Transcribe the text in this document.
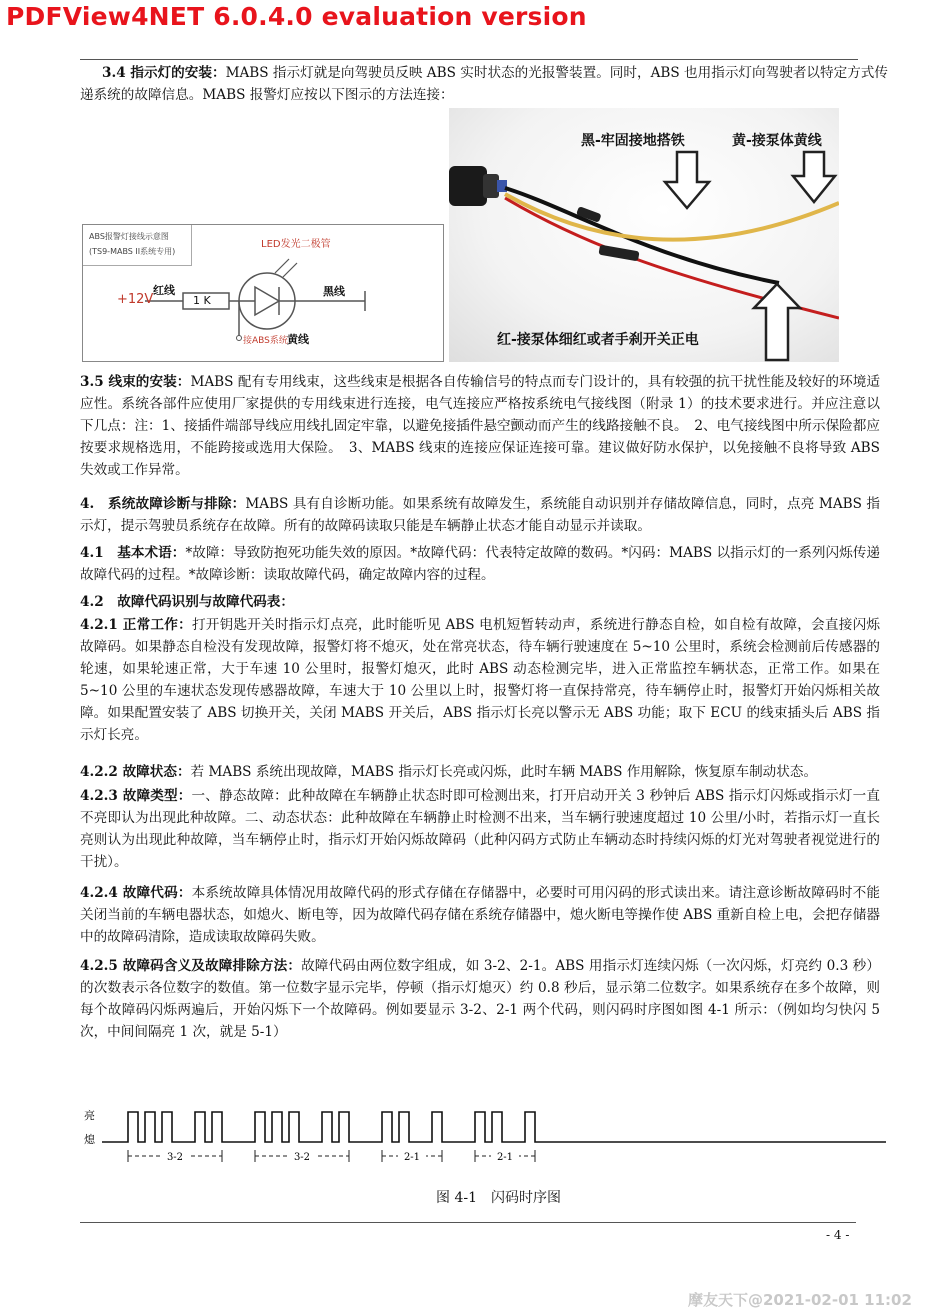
PDFView4NET 6.0.4.0 evaluation version

3.4 指示灯的安装：MABS 指示灯就是向驾驶员反映 ABS 实时状态的光报警装置。同时，ABS 也用指示灯向驾驶者以特定方式传递系统的故障信息。MABS 报警灯应按以下图示的方法连接：

黑-牢固接地搭铁	黄-接泵体黄线
红-接泵体细红或者手刹开关正电
ABS报警灯接线示意图
(TS9-MABS II系统专用)
LED发光二极管
+12V
红线
1 K
黑线
接ABS系统 黄线

3.5 线束的安装：MABS 配有专用线束，这些线束是根据各自传输信号的特点而专门设计的，具有较强的抗干扰性能及较好的环境适应性。系统各部件应使用厂家提供的专用线束进行连接，电气连接应严格按系统电气接线图（附录 1）的技术要求进行。并应注意以下几点：注：1、接插件端部导线应用线扎固定牢靠，以避免接插件悬空颤动而产生的线路接触不良。　2、电气接线图中所示保险都应按要求规格选用，不能跨接或选用大保险。　3、MABS 线束的连接应保证连接可靠。建议做好防水保护，以免接触不良将导致 ABS 失效或工作异常。

4.　系统故障诊断与排除：MABS 具有自诊断功能。如果系统有故障发生，系统能自动识别并存储故障信息，同时，点亮 MABS 指示灯，提示驾驶员系统存在故障。所有的故障码读取只能是车辆静止状态才能自动显示并读取。

4.1　基本术语：*故障：导致防抱死功能失效的原因。*故障代码：代表特定故障的数码。*闪码：MABS 以指示灯的一系列闪烁传递故障代码的过程。*故障诊断：读取故障代码，确定故障内容的过程。

4.2　故障代码识别与故障代码表：

4.2.1 正常工作：打开钥匙开关时指示灯点亮，此时能听见 ABS 电机短暂转动声，系统进行静态自检，如自检有故障，会直接闪烁故障码。如果静态自检没有发现故障，报警灯将不熄灭，处在常亮状态，待车辆行驶速度在 5~10 公里时，系统会检测前后传感器的轮速，如果轮速正常，大于车速 10 公里时，报警灯熄灭，此时 ABS 动态检测完毕，进入正常监控车辆状态，正常工作。如果在 5~10 公里的车速状态发现传感器故障，车速大于 10 公里以上时，报警灯将一直保持常亮，待车辆停止时，报警灯开始闪烁相关故障。如果配置安装了 ABS 切换开关，关闭 MABS 开关后，ABS 指示灯长亮以警示无 ABS 功能；取下 ECU 的线束插头后 ABS 指示灯长亮。

4.2.2 故障状态：若 MABS 系统出现故障，MABS 指示灯长亮或闪烁，此时车辆 MABS 作用解除，恢复原车制动状态。

4.2.3 故障类型：一、静态故障：此种故障在车辆静止状态时即可检测出来，打开启动开关 3 秒钟后 ABS 指示灯闪烁或指示灯一直不亮即认为出现此种故障。二、动态状态：此种故障在车辆静止时检测不出来，当车辆行驶速度超过 10 公里/小时，若指示灯一直长亮则认为出现此种故障，当车辆停止时，指示灯开始闪烁故障码（此种闪码方式防止车辆动态时持续闪烁的灯光对驾驶者视觉进行的干扰）。

4.2.4 故障代码：本系统故障具体情况用故障代码的形式存储在存储器中，必要时可用闪码的形式读出来。请注意诊断故障码时不能关闭当前的车辆电器状态，如熄火、断电等，因为故障代码存储在系统存储器中，熄火断电等操作使 ABS 重新自检上电，会把存储器中的故障码清除，造成读取故障码失败。

4.2.5 故障码含义及故障排除方法：故障代码由两位数字组成，如 3-2、2-1。ABS 用指示灯连续闪烁（一次闪烁，灯亮约 0.3 秒）的次数表示各位数字的数值。第一位数字显示完毕，停顿（指示灯熄灭）约 0.8 秒后，显示第二位数字。如果系统存在多个故障，则每个故障码闪烁两遍后，开始闪烁下一个故障码。例如要显示 3-2、2-1 两个代码，则闪码时序图如图 4-1 所示：（例如均匀快闪 5 次，中间间隔亮 1 次，就是 5-1）

亮
熄
3-2	3-2	2-1	2-1
图 4-1　闪码时序图
- 4 -
摩友天下@2021-02-01 11:02
